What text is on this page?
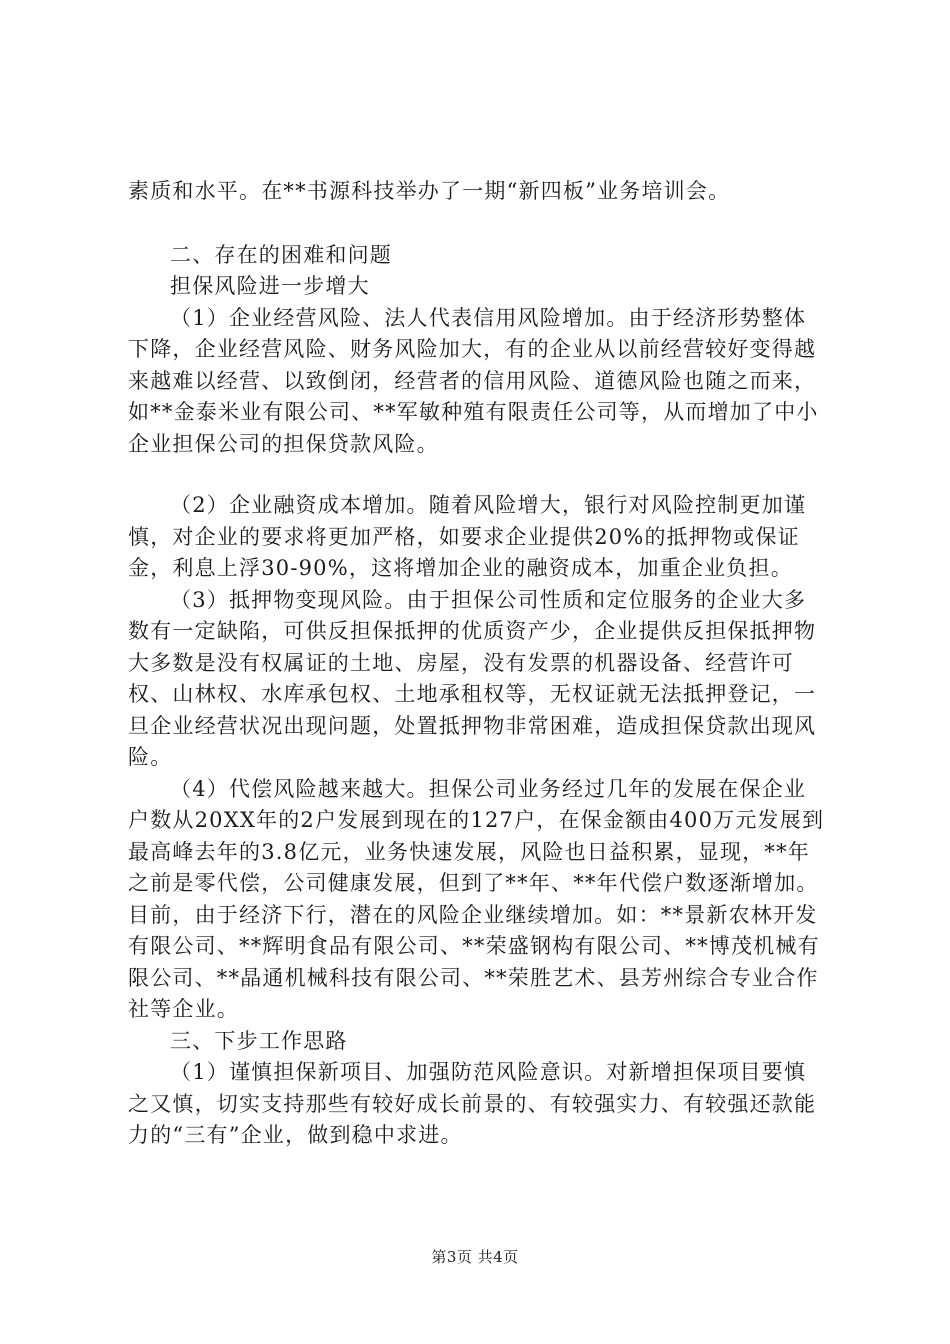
素质和水平。在**书源科技举办了一期“新四板”业务培训会。

二、存在的困难和问题

担保风险进一步增大

（1）企业经营风险、法人代表信用风险增加。由于经济形势整体下降，企业经营风险、财务风险加大，有的企业从以前经营较好变得越来越难以经营、以致倒闭，经营者的信用风险、道德风险也随之而来，如**金泰米业有限公司、**军敏种殖有限责任公司等，从而增加了中小企业担保公司的担保贷款风险。

（2）企业融资成本增加。随着风险增大，银行对风险控制更加谨慎，对企业的要求将更加严格，如要求企业提供20%的抵押物或保证金，利息上浮30-90%，这将增加企业的融资成本，加重企业负担。

（3）抵押物变现风险。由于担保公司性质和定位服务的企业大多数有一定缺陷，可供反担保抵押的优质资产少，企业提供反担保抵押物大多数是没有权属证的土地、房屋，没有发票的机器设备、经营许可权、山林权、水库承包权、土地承租权等，无权证就无法抵押登记，一旦企业经营状况出现问题，处置抵押物非常困难，造成担保贷款出现风险。

（4）代偿风险越来越大。担保公司业务经过几年的发展在保企业户数从20XX年的2户发展到现在的127户，在保金额由400万元发展到最高峰去年的3.8亿元，业务快速发展，风险也日益积累，显现，**年之前是零代偿，公司健康发展，但到了**年、**年代偿户数逐渐增加。目前，由于经济下行，潜在的风险企业继续增加。如：**景新农林开发有限公司、**辉明食品有限公司、**荣盛钢构有限公司、**博茂机械有限公司、**晶通机械科技有限公司、**荣胜艺术、县芳州综合专业合作社等企业。

三、下步工作思路

（1）谨慎担保新项目、加强防范风险意识。对新增担保项目要慎之又慎，切实支持那些有较好成长前景的、有较强实力、有较强还款能力的“三有”企业，做到稳中求进。

第3页 共4页
